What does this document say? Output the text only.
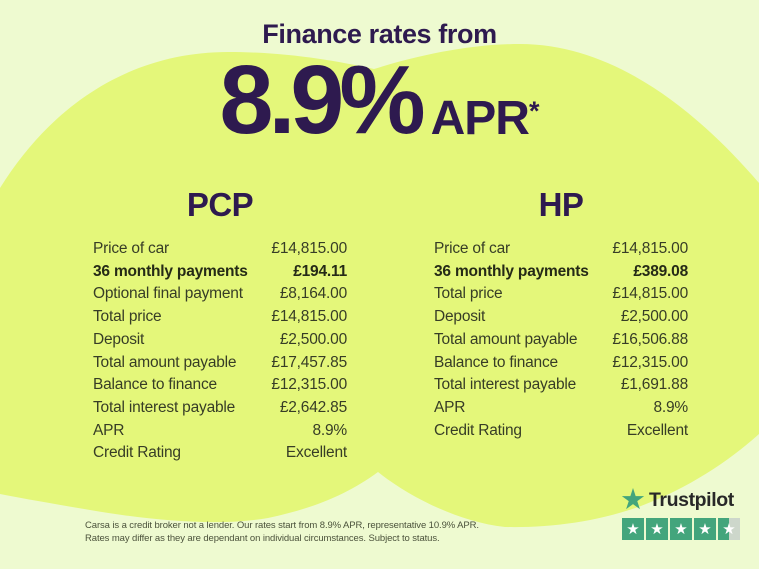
Finance rates from
8.9% APR *
PCP
Price of car	£14,815.00
36 monthly payments	£194.11
Optional final payment £8,164.00
Total price	£14,815.00
Deposit	£2,500.00
Total amount payable £17,457.85
Balance to finance	£12,315.00
Total interest payable	£2,642.85
APR	8.9%
Credit Rating	Excellent
HP
Price of car	£14,815.00
36 monthly payments	£389.08
Total price	£14,815.00
Deposit	£2,500.00
Total amount payable £16,506.88
Balance to finance	£12,315.00
Total interest payable	£1,691.88
APR	8.9%
Credit Rating	Excellent
Carsa is a credit broker not a lender. Our rates start from 8.9% APR, representative 10.9% APR.
Rates may differ as they are dependant on individual circumstances. Subject to status.
★ Trustpilot
★ ★ ★ ★ ★
